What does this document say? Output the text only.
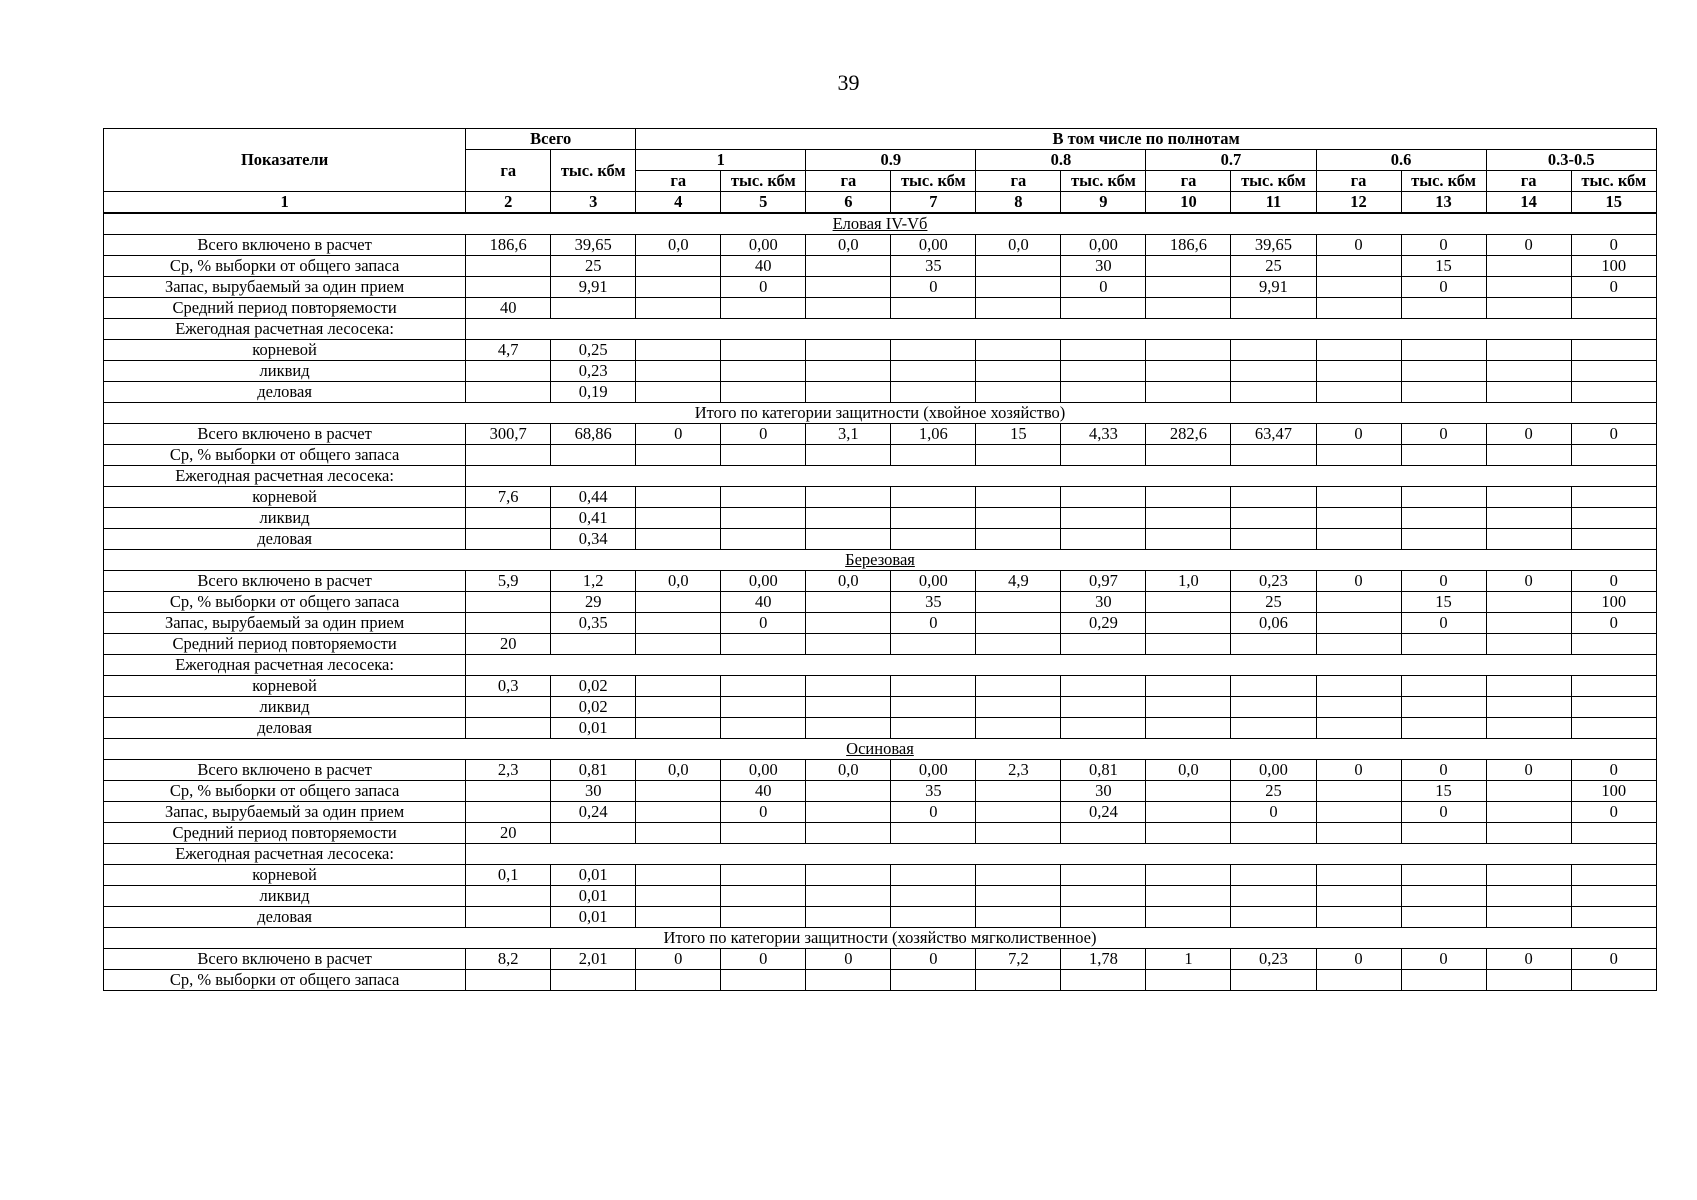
39
Показатели	Всего		В том числе по полнотам											
	га	тыс. кбм	1		0.9		0.8		0.7		0.6		0.3-0.5	
			га	тыс. кбм	га	тыс. кбм	га	тыс. кбм	га	тыс. кбм	га	тыс. кбм	га	тыс. кбм
1	2	3	4	5	6	7	8	9	10	11	12	13	14	15
Еловая IV-Vб														
Всего включено в расчет	186,6	39,65	0,0	0,00	0,0	0,00	0,0	0,00	186,6	39,65	0	0	0	0
Ср, % выборки от общего запаса		25		40		35		30		25		15		100
Запас, вырубаемый за один прием		9,91		0		0		0		9,91		0		0
Средний период повторяемости	40													
Ежегодная расчетная лесосека:														
корневой	4,7	0,25												
ликвид		0,23												
деловая		0,19												
Итого по категории защитности (хвойное хозяйство)														
Всего включено в расчет	300,7	68,86	0	0	3,1	1,06	15	4,33	282,6	63,47	0	0	0	0
Ср, % выборки от общего запаса														
Ежегодная расчетная лесосека:														
корневой	7,6	0,44												
ликвид		0,41												
деловая		0,34												
Березовая														
Всего включено в расчет	5,9	1,2	0,0	0,00	0,0	0,00	4,9	0,97	1,0	0,23	0	0	0	0
Ср, % выборки от общего запаса		29		40		35		30		25		15		100
Запас, вырубаемый за один прием		0,35		0		0		0,29		0,06		0		0
Средний период повторяемости	20													
Ежегодная расчетная лесосека:														
корневой	0,3	0,02												
ликвид		0,02												
деловая		0,01												
Осиновая														
Всего включено в расчет	2,3	0,81	0,0	0,00	0,0	0,00	2,3	0,81	0,0	0,00	0	0	0	0
Ср, % выборки от общего запаса		30		40		35		30		25		15		100
Запас, вырубаемый за один прием		0,24		0		0		0,24		0		0		0
Средний период повторяемости	20													
Ежегодная расчетная лесосека:														
корневой	0,1	0,01												
ликвид		0,01												
деловая		0,01												
Итого по категории защитности (хозяйство мягколиственное)														
Всего включено в расчет	8,2	2,01	0	0	0	0	7,2	1,78	1	0,23	0	0	0	0
Ср, % выборки от общего запаса														
